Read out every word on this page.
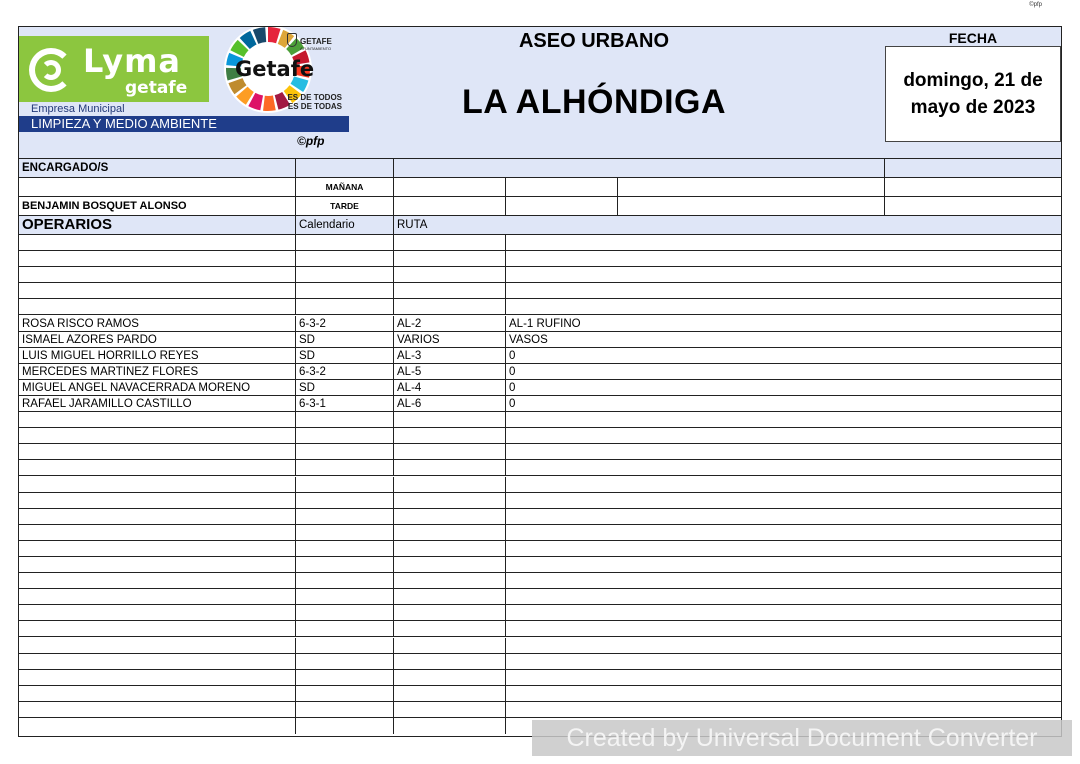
©pfp
Lyma
getafe
Getafe
GETAFE
AYUNTAMIENTO
ES DE TODOS
ES DE TODAS
Empresa Municipal
LIMPIEZA Y MEDIO AMBIENTE
©pfp
ASEO URBANO
LA ALHÓNDIGA
FECHA
domingo, 21 de mayo de 2023
ENCARGADO/S
MAÑANA
BENJAMIN BOSQUET ALONSO	TARDE
OPERARIOS	Calendario	RUTA
ROSA RISCO RAMOS	6-3-2	AL-2	AL-1 RUFINO
ISMAEL AZORES PARDO	SD	VARIOS	VASOS
LUIS MIGUEL HORRILLO REYES	SD	AL-3	0
MERCEDES MARTINEZ FLORES	6-3-2	AL-5	0
MIGUEL ANGEL NAVACERRADA MORENO	SD	AL-4	0
RAFAEL JARAMILLO CASTILLO	6-3-1	AL-6	0
Created by Universal Document Converter
